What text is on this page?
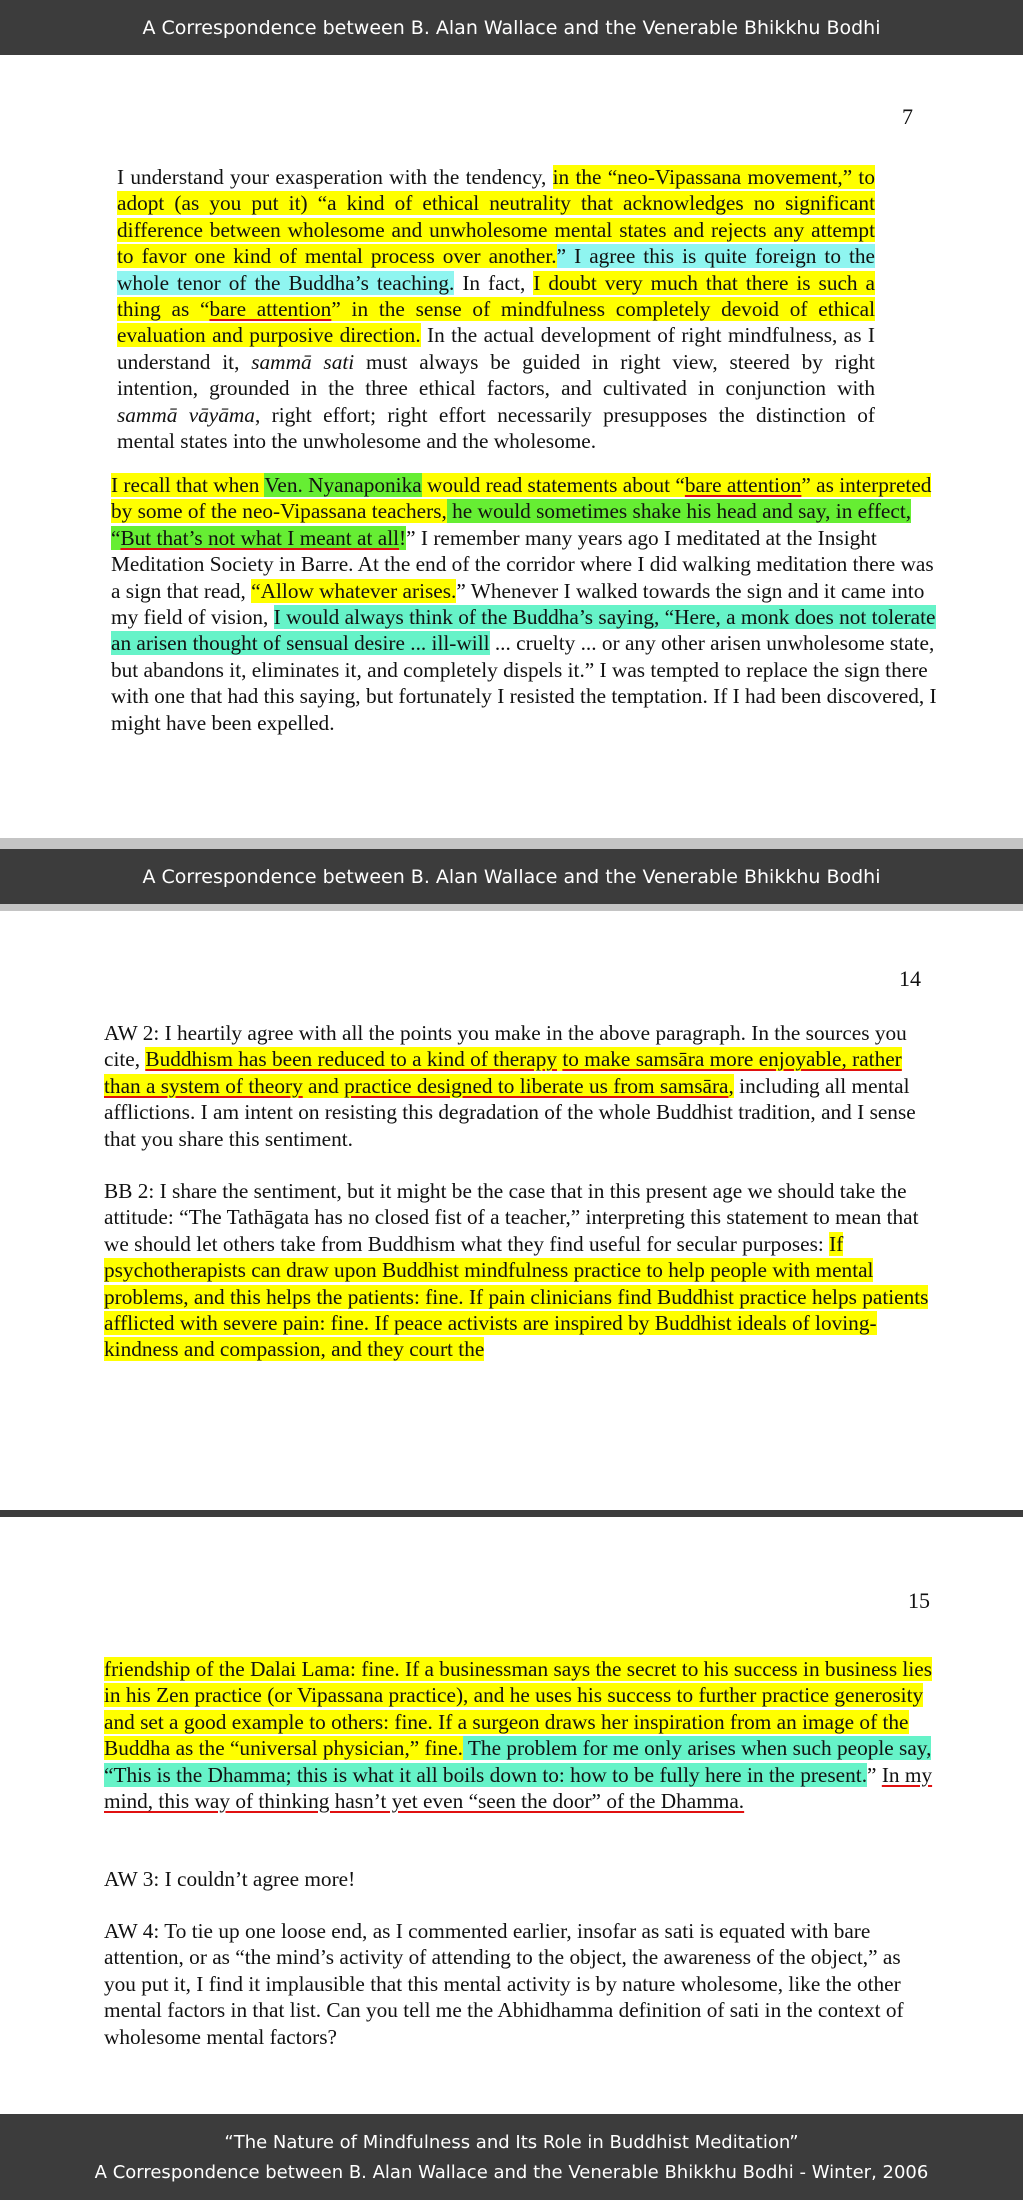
A Correspondence between B. Alan Wallace and the Venerable Bhikkhu Bodhi
7

I understand your exasperation with the tendency, in the “neo-Vipassana movement,” to adopt (as you put it) “a kind of ethical neutrality that acknowledges no significant difference between wholesome and unwholesome mental states and rejects any attempt to favor one kind of mental process over another.” I agree this is quite foreign to the whole tenor of the Buddha’s teaching. In fact, I doubt very much that there is such a thing as “bare attention” in the sense of mindfulness completely devoid of ethical evaluation and purposive direction. In the actual development of right mindfulness, as I understand it, sammā sati must always be guided in right view, steered by right intention, grounded in the three ethical factors, and cultivated in conjunction with sammā vāyāma, right effort; right effort necessarily presupposes the distinction of mental states into the unwholesome and the wholesome.

I recall that when Ven. Nyanaponika would read statements about “bare attention” as interpreted by some of the neo-Vipassana teachers, he would sometimes shake his head and say, in effect, “But that’s not what I meant at all!” I remember many years ago I meditated at the Insight Meditation Society in Barre. At the end of the corridor where I did walking meditation there was a sign that read, “Allow whatever arises.” Whenever I walked towards the sign and it came into my field of vision, I would always think of the Buddha’s saying, “Here, a monk does not tolerate an arisen thought of sensual desire ... ill-will ... cruelty ... or any other arisen unwholesome state, but abandons it, eliminates it, and completely dispels it.” I was tempted to replace the sign there with one that had this saying, but fortunately I resisted the temptation. If I had been discovered, I might have been expelled.

A Correspondence between B. Alan Wallace and the Venerable Bhikkhu Bodhi
14

AW 2: I heartily agree with all the points you make in the above paragraph. In the sources you cite, Buddhism has been reduced to a kind of therapy to make samsāra more enjoyable, rather than a system of theory and practice designed to liberate us from samsāra, including all mental afflictions. I am intent on resisting this degradation of the whole Buddhist tradition, and I sense that you share this sentiment.

BB 2: I share the sentiment, but it might be the case that in this present age we should take the attitude: “The Tathāgata has no closed fist of a teacher,” interpreting this statement to mean that we should let others take from Buddhism what they find useful for secular purposes: If psychotherapists can draw upon Buddhist mindfulness practice to help people with mental problems, and this helps the patients: fine. If pain clinicians find Buddhist practice helps patients afflicted with severe pain: fine. If peace activists are inspired by Buddhist ideals of loving-kindness and compassion, and they court the

15

friendship of the Dalai Lama: fine. If a businessman says the secret to his success in business lies in his Zen practice (or Vipassana practice), and he uses his success to further practice generosity and set a good example to others: fine. If a surgeon draws her inspiration from an image of the Buddha as the “universal physician,” fine. The problem for me only arises when such people say, “This is the Dhamma; this is what it all boils down to: how to be fully here in the present.” In my mind, this way of thinking hasn’t yet even “seen the door” of the Dhamma.

AW 3: I couldn’t agree more!

AW 4: To tie up one loose end, as I commented earlier, insofar as sati is equated with bare attention, or as “the mind’s activity of attending to the object, the awareness of the object,” as you put it, I find it implausible that this mental activity is by nature wholesome, like the other mental factors in that list. Can you tell me the Abhidhamma definition of sati in the context of wholesome mental factors?

“The Nature of Mindfulness and Its Role in Buddhist Meditation”
A Correspondence between B. Alan Wallace and the Venerable Bhikkhu Bodhi - Winter, 2006
